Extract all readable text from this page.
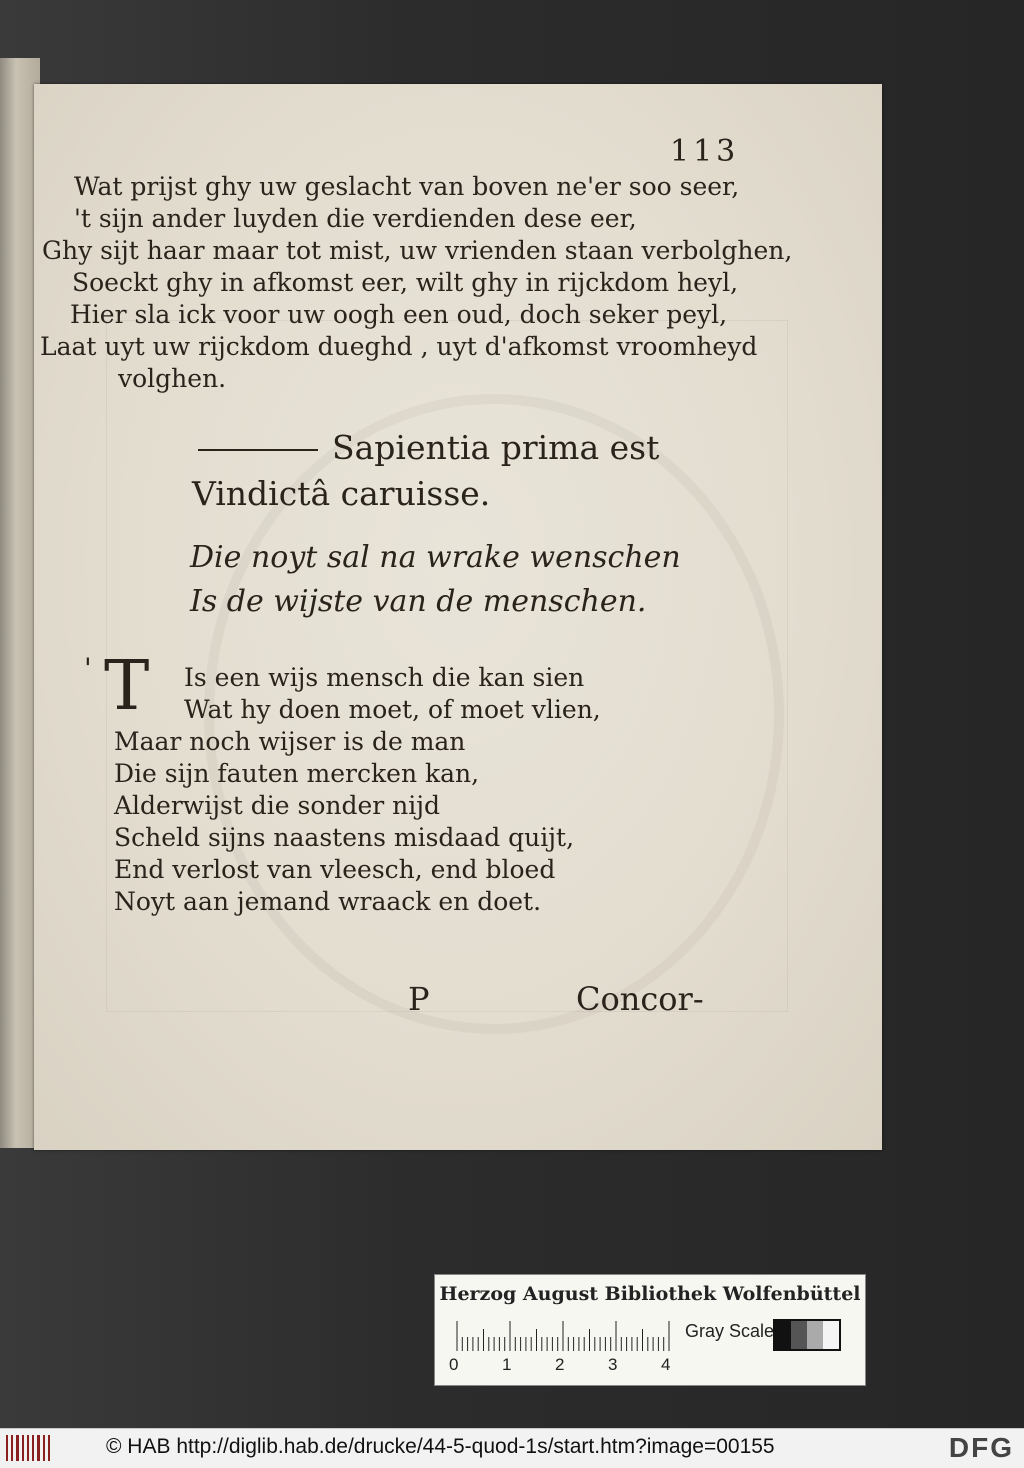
113
Wat prijst ghy uw geslacht van boven ne'er soo seer,
't sijn ander luyden die verdienden dese eer,
Ghy sijt haar maar tot mist, uw vrienden staan verbolghen,
Soeckt ghy in afkomst eer, wilt ghy in rijckdom heyl,
Hier sla ick voor uw oogh een oud, doch seker peyl,
Laat uyt uw rijckdom dueghd , uyt d'afkomst vroomheyd
volghen.
Sapientia prima est
Vindictâ caruisse.
Die noyt sal na wrake wenschen
Is de wijste van de menschen.
' T Is een wijs mensch die kan sien
Wat hy doen moet, of moet vlien,
Maar noch wijser is de man
Die sijn fauten mercken kan,
Alderwijst die sonder nijd
Scheld sijns naastens misdaad quijt,
End verlost van vleesch, end bloed
Noyt aan jemand wraack en doet.
P	Concor-
Herzog August Bibliothek Wolfenbüttel
0	1	2	3	4
Gray Scale
© HAB http://diglib.hab.de/drucke/44-5-quod-1s/start.htm?image=00155	DFG
